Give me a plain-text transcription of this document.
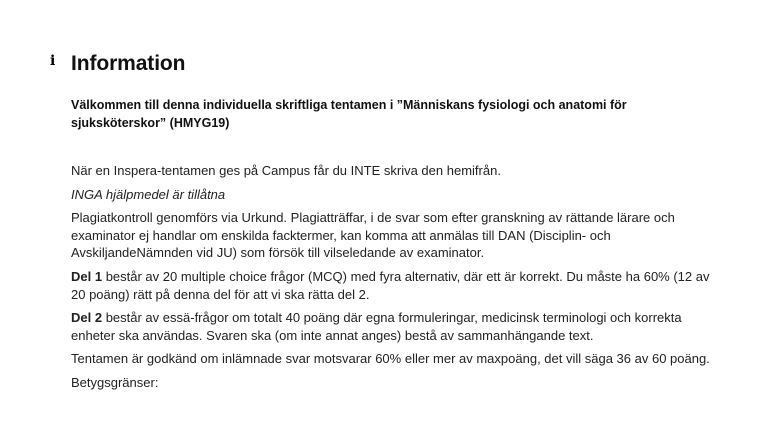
i Information

Välkommen till denna individuella skriftliga tentamen i ”Människans fysiologi och anatomi för sjuksköterskor” (HMYG19)

När en Inspera-tentamen ges på Campus får du INTE skriva den hemifrån.

INGA hjälpmedel är tillåtna

Plagiatkontroll genomförs via Urkund. Plagiatträffar, i de svar som efter granskning av rättande lärare och examinator ej handlar om enskilda facktermer, kan komma att anmälas till DAN (Disciplin- och AvskiljandeNämnden vid JU) som försök till vilseledande av examinator.

Del 1 består av 20 multiple choice frågor (MCQ) med fyra alternativ, där ett är korrekt. Du måste ha 60% (12 av 20 poäng) rätt på denna del för att vi ska rätta del 2.

Del 2 består av essä-frågor om totalt 40 poäng där egna formuleringar, medicinsk terminologi och korrekta enheter ska användas. Svaren ska (om inte annat anges) bestå av sammanhängande text.

Tentamen är godkänd om inlämnade svar motsvarar 60% eller mer av maxpoäng, det vill säga 36 av 60 poäng.

Betygsgränser:
